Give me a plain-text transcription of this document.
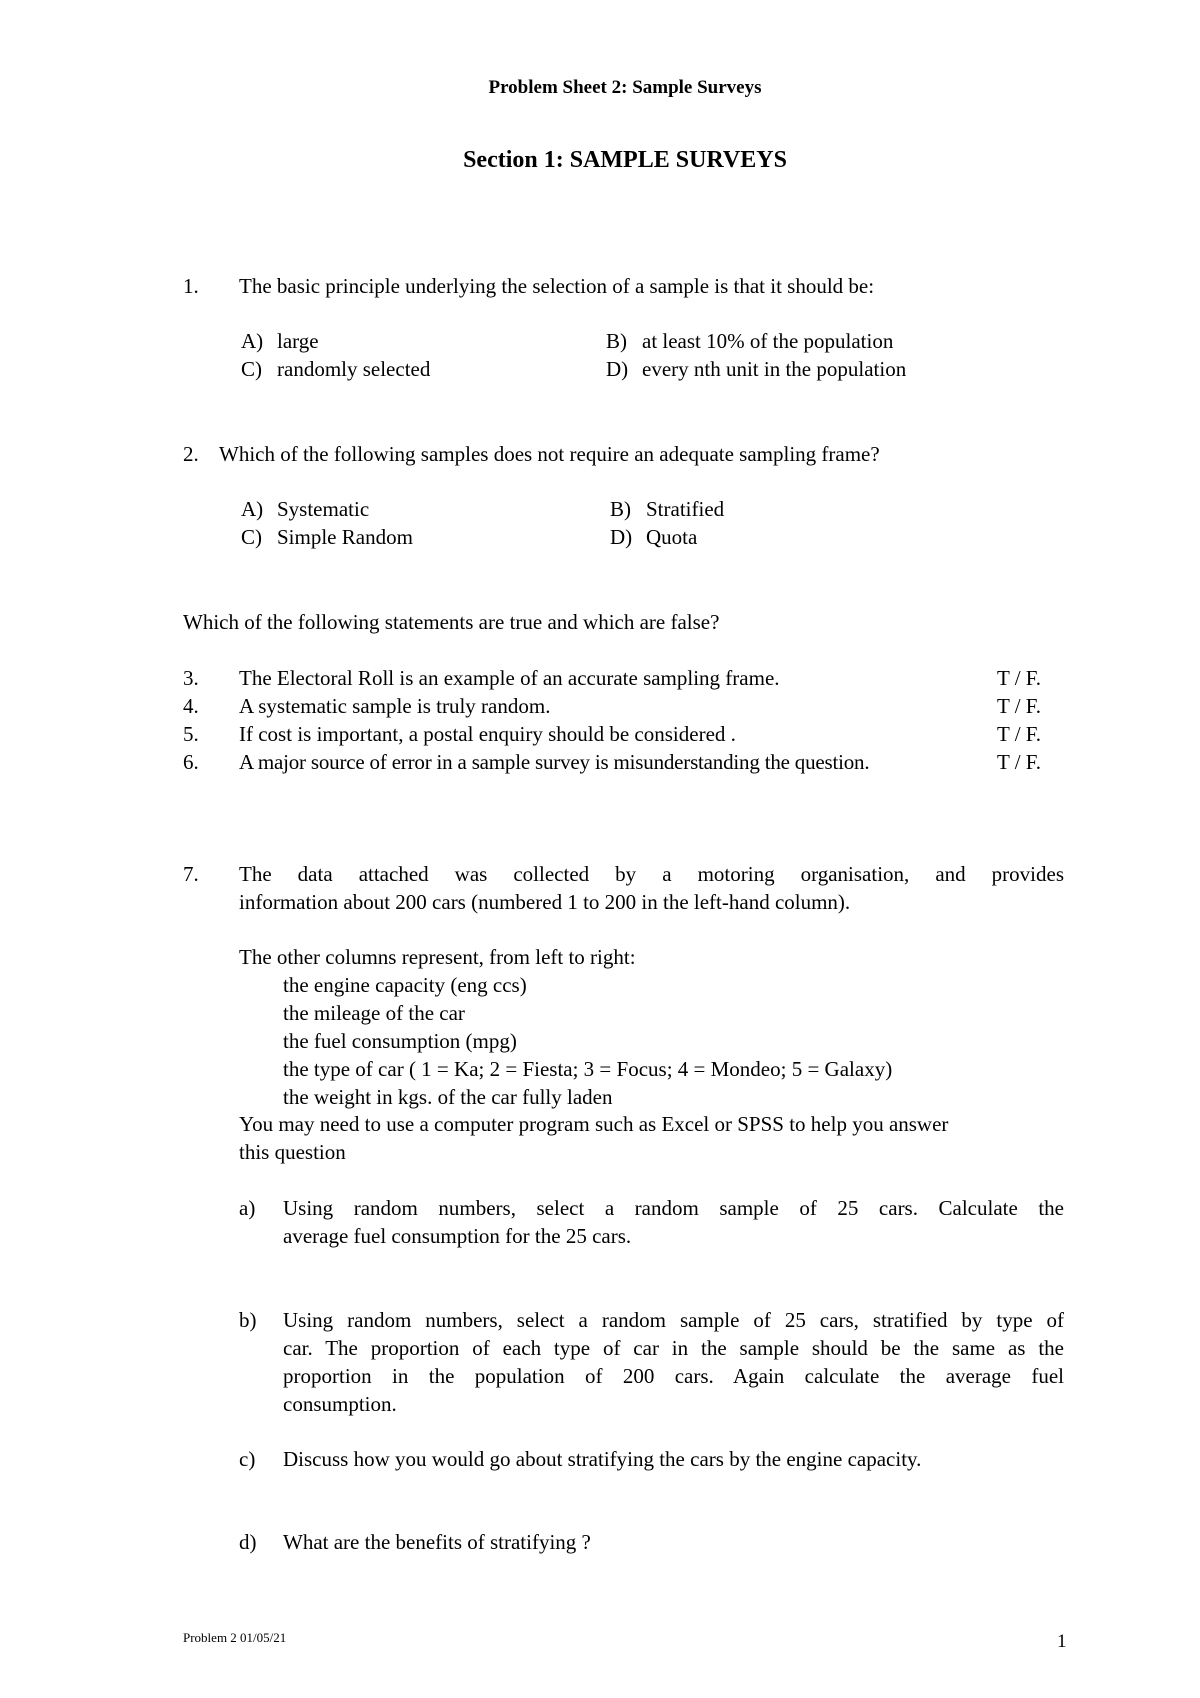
Problem Sheet 2: Sample Surveys
Section 1: SAMPLE SURVEYS
1. The basic principle underlying the selection of a sample is that it should be:
A) large	B) at least 10% of the population
C) randomly selected	D) every nth unit in the population
2. Which of the following samples does not require an adequate sampling frame?
A) Systematic	B) Stratified
C) Simple Random	D) Quota
Which of the following statements are true and which are false?
3. The Electoral Roll is an example of an accurate sampling frame.	T / F.
4. A systematic sample is truly random.	T / F.
5. If cost is important, a postal enquiry should be considered .	T / F.
6. A major source of error in a sample survey is misunderstanding the question.	T / F.
7. The data attached was collected by a motoring organisation, and provides
information about 200 cars (numbered 1 to 200 in the left-hand column).
The other columns represent, from left to right:
the engine capacity (eng ccs)
the mileage of the car
the fuel consumption (mpg)
the type of car ( 1 = Ka; 2 = Fiesta; 3 = Focus; 4 = Mondeo; 5 = Galaxy)
the weight in kgs. of the car fully laden
You may need to use a computer program such as Excel or SPSS to help you answer
this question
a) Using random numbers, select a random sample of 25 cars. Calculate the
average fuel consumption for the 25 cars.
b) Using random numbers, select a random sample of 25 cars, stratified by type of
car. The proportion of each type of car in the sample should be the same as the
proportion in the population of 200 cars. Again calculate the average fuel
consumption.
c) Discuss how you would go about stratifying the cars by the engine capacity.
d) What are the benefits of stratifying ?
Problem 2 01/05/21	1
